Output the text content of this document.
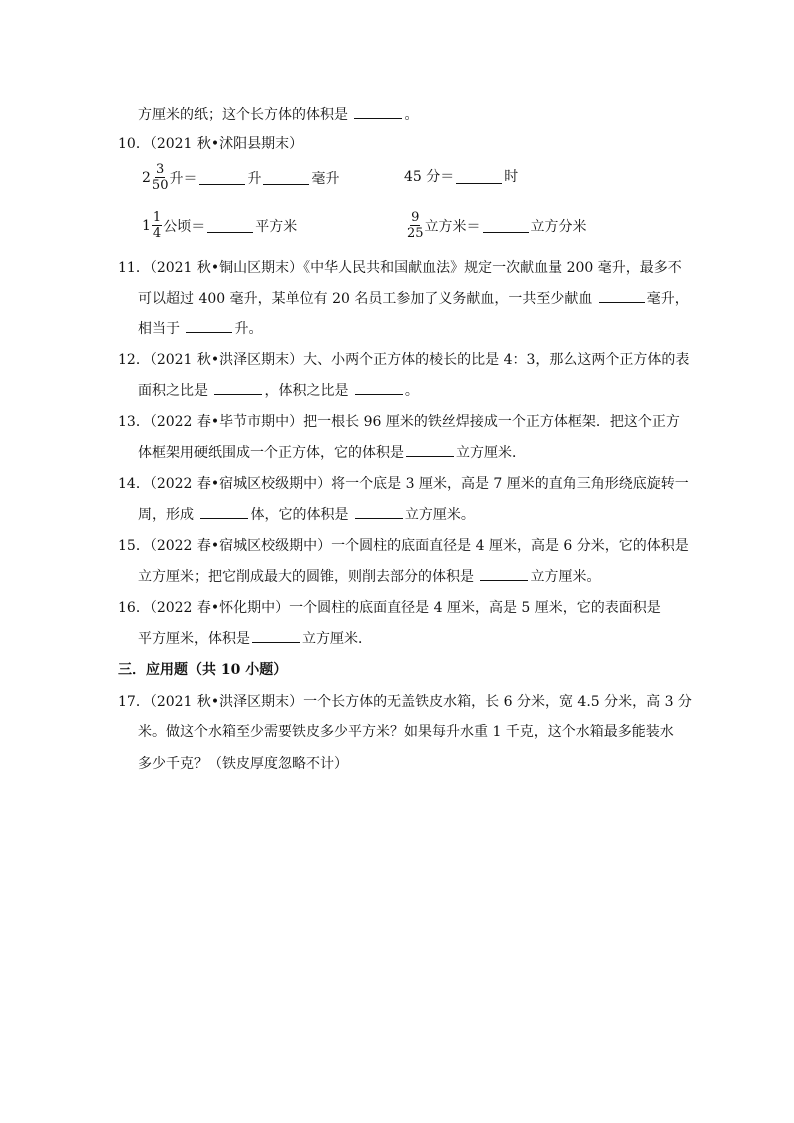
方厘米的纸；这个长方体的体积是	。
10．（2021 秋•沭阳县期末）
$2 \frac{3}{50}$ 升＝	升	毫升	45 分＝	时
$1 \frac{1}{4}$ 公顷＝	平方米	$\frac{9}{25}$ 立方米＝	立方分米
11．（2021 秋•铜山区期末）《中华人民共和国献血法》规定一次献血量 200 毫升，最多不
可以超过 400 毫升，某单位有 20 名员工参加了义务献血，一共至少献血	毫升，
相当于	升。
12．（2021 秋•洪泽区期末）大、小两个正方体的棱长的比是 4：3，那么这两个正方体的表
面积之比是	，体积之比是	。
13．（2022 春•毕节市期中）把一根长 96 厘米的铁丝焊接成一个正方体框架．把这个正方
体框架用硬纸围成一个正方体，它的体积是	立方厘米．
14．（2022 春•宿城区校级期中）将一个底是 3 厘米，高是 7 厘米的直角三角形绕底旋转一
周，形成	体，它的体积是	立方厘米。
15．（2022 春•宿城区校级期中）一个圆柱的底面直径是 4 厘米，高是 6 分米，它的体积是
立方厘米；把它削成最大的圆锥，则削去部分的体积是	立方厘米。
16．（2022 春•怀化期中）一个圆柱的底面直径是 4 厘米，高是 5 厘米，它的表面积是
平方厘米，体积是	立方厘米．
三．应用题（共 10 小题）
17．（2021 秋•洪泽区期末）一个长方体的无盖铁皮水箱，长 6 分米，宽 4.5 分米，高 3 分
米。做这个水箱至少需要铁皮多少平方米？如果每升水重 1 千克，这个水箱最多能装水
多少千克？（铁皮厚度忽略不计）
